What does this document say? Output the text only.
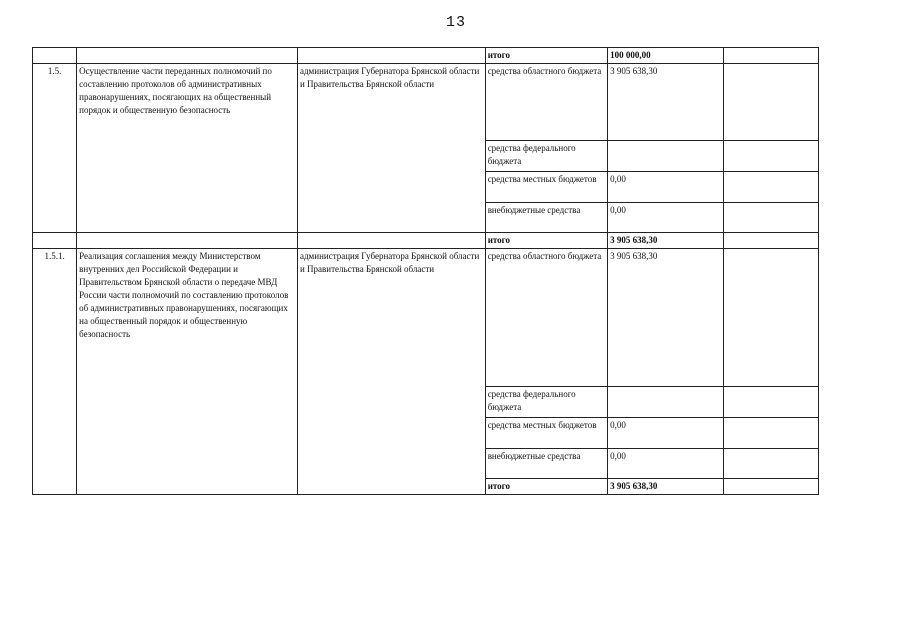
13
			итого	100 000,00	
1.5.	Осуществление части переданных полномочий по составлению протоколов об административных правонарушениях, посягающих на общественный порядок и общественную безопасность	администрация Губернатора Брянской области и Правительства Брянской области	средства областного бюджета	3 905 638,30	
			средства федерального бюджета		
			средства местных бюджетов	0,00	
			внебюджетные средства	0,00	
			итого	3 905 638,30	
1.5.1.	Реализация соглашения между Министерством внутренних дел Российской Федерации и Правительством Брянской области о передаче МВД России части полномочий по составлению протоколов об административных правонарушениях, посягающих на общественный порядок и общественную безопасность	администрация Губернатора Брянской области и Правительства Брянской области	средства областного бюджета	3 905 638,30	
			средства федерального бюджета		
			средства местных бюджетов	0,00	
			внебюджетные средства	0,00	
			итого	3 905 638,30	
